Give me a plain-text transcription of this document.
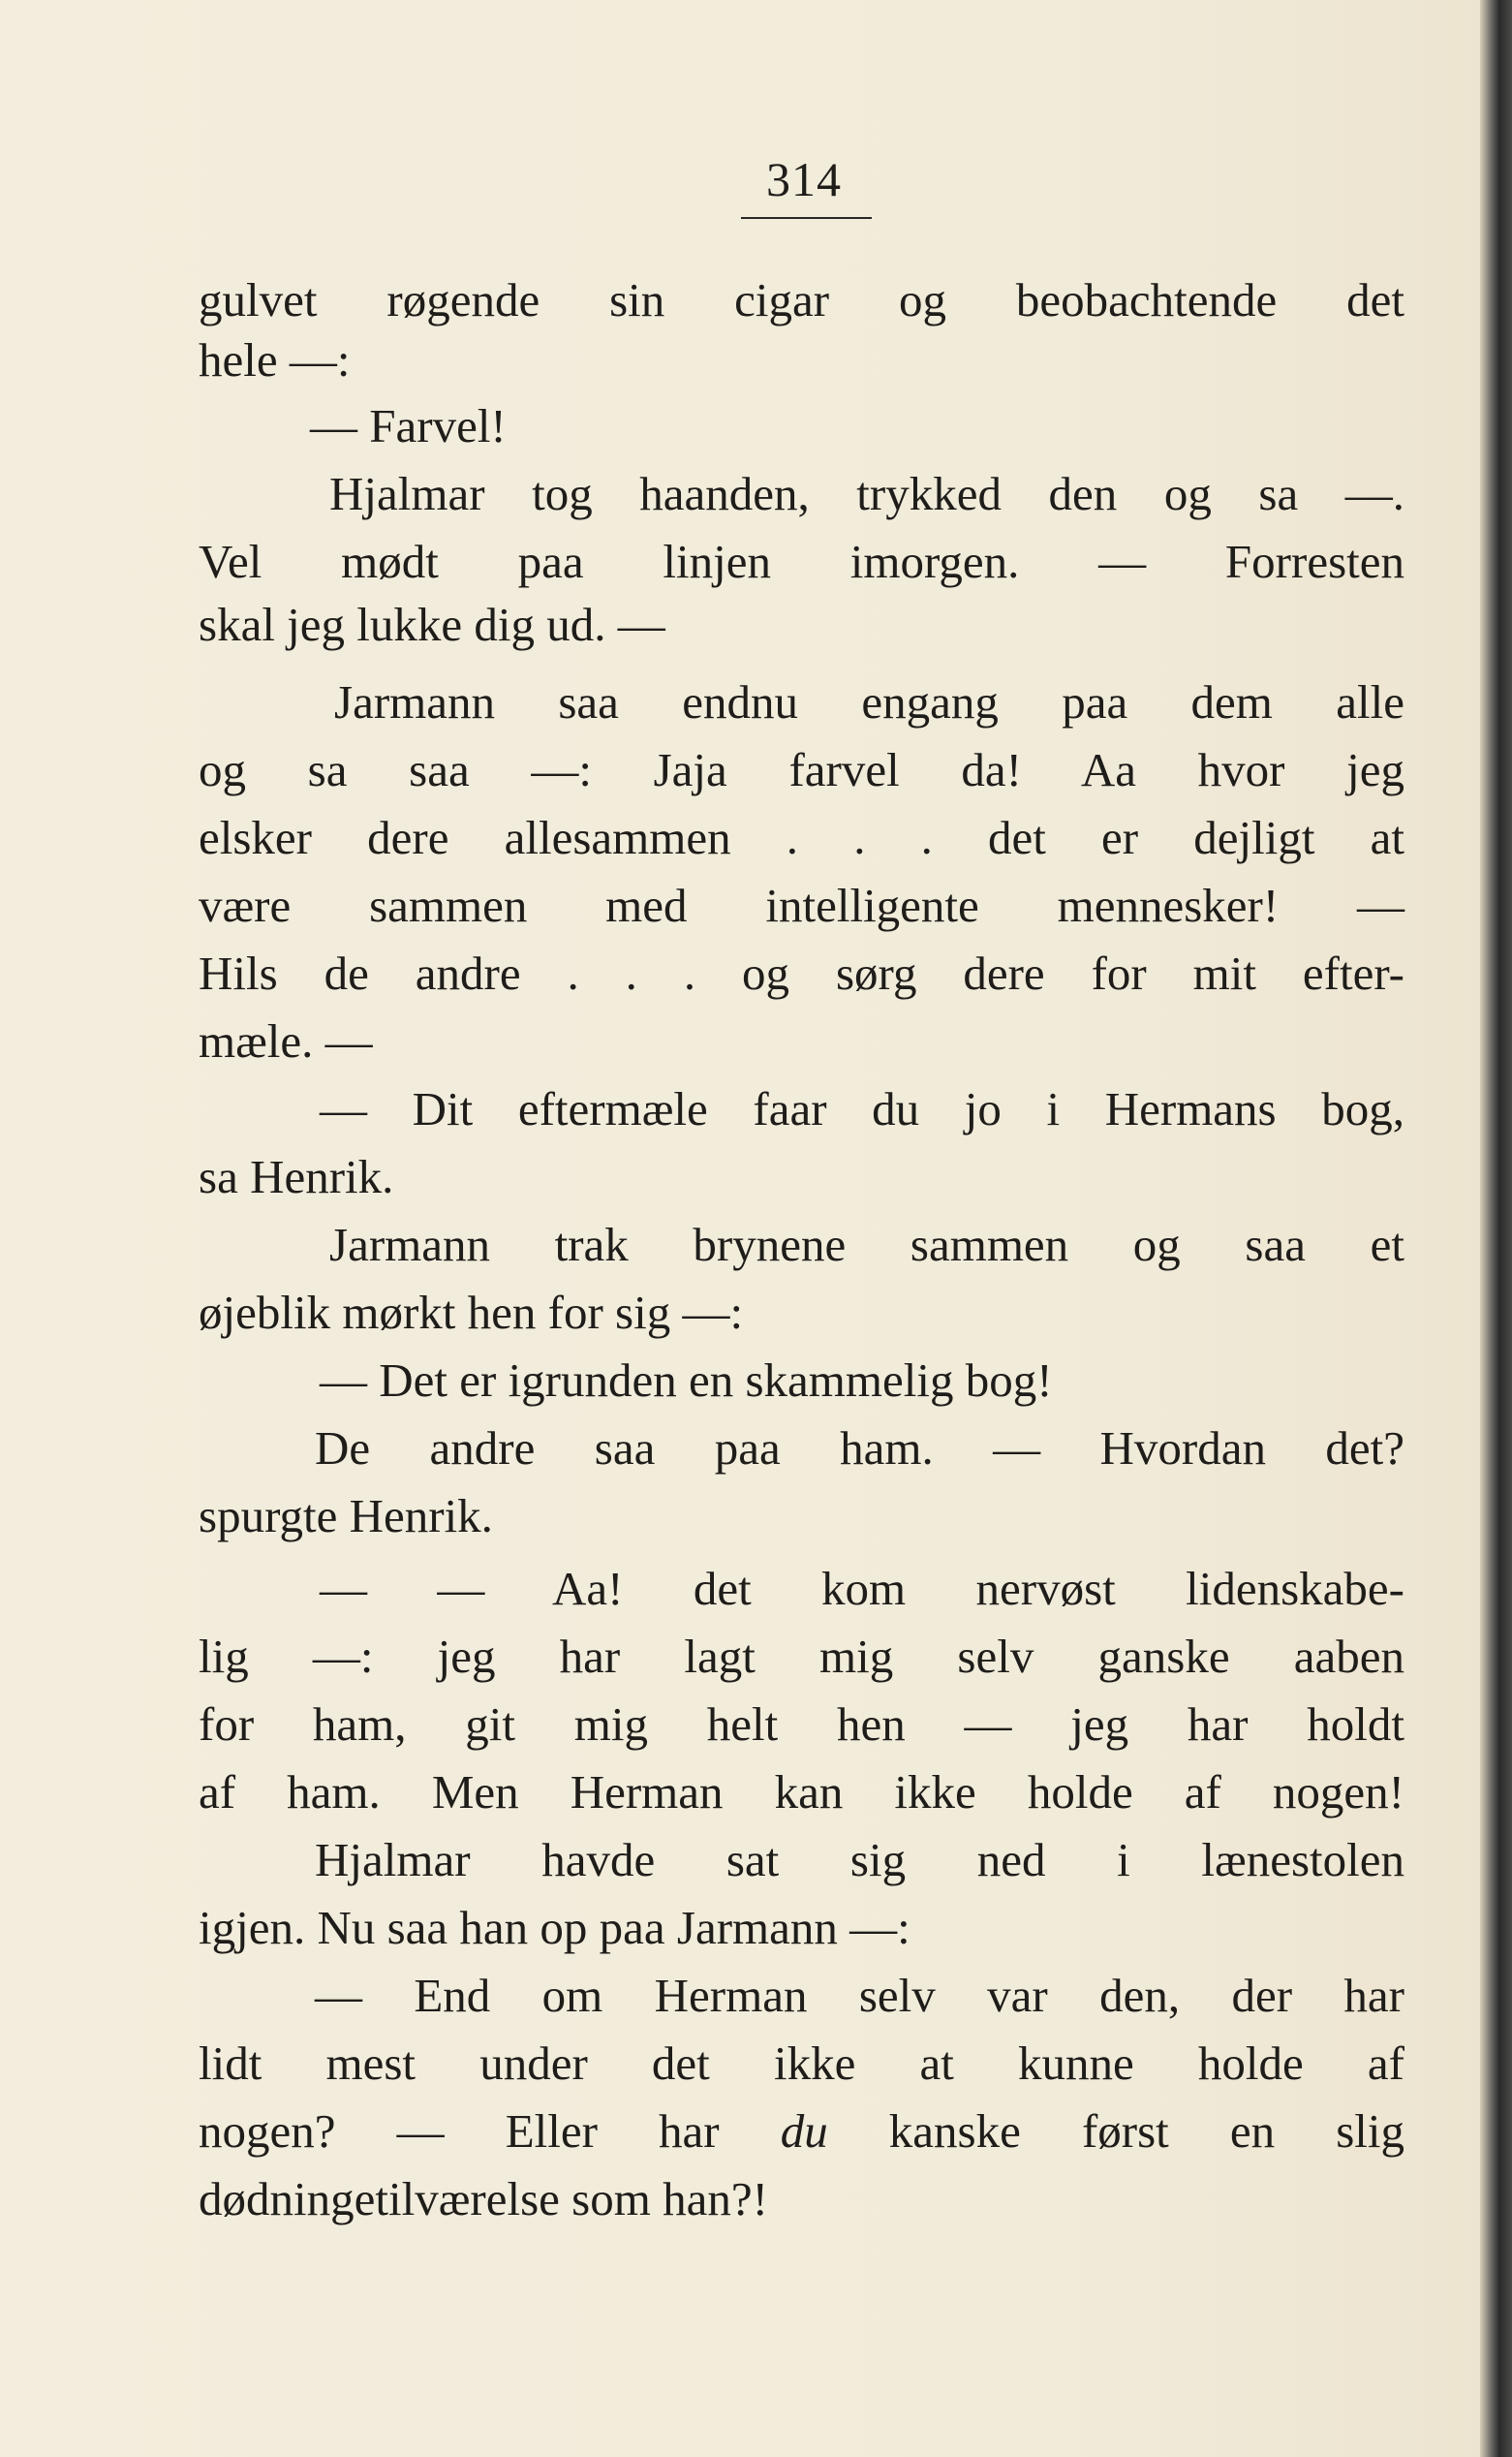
314
gulvet røgende sin cigar og beobachtende det
hele —:
— Farvel!
Hjalmar tog haanden, trykked den og sa —.
Vel mødt paa linjen imorgen. — Forresten
skal jeg lukke dig ud. —
Jarmann saa endnu engang paa dem alle
og sa saa —: Jaja farvel da! Aa hvor jeg
elsker dere allesammen . . . det er dejligt at
være sammen med intelligente mennesker! —
Hils de andre . . . og sørg dere for mit efter-
mæle. —
— Dit eftermæle faar du jo i Hermans bog,
sa Henrik.
Jarmann trak brynene sammen og saa et
øjeblik mørkt hen for sig —:
— Det er igrunden en skammelig bog!
De andre saa paa ham. — Hvordan det?
spurgte Henrik.
— — Aa! det kom nervøst lidenskabe-
lig —: jeg har lagt mig selv ganske aaben
for ham, git mig helt hen — jeg har holdt
af ham. Men Herman kan ikke holde af nogen!
Hjalmar havde sat sig ned i lænestolen
igjen. Nu saa han op paa Jarmann —:
— End om Herman selv var den, der har
lidt mest under det ikke at kunne holde af
nogen? — Eller har du kanske først en slig
dødningetilværelse som han?!
